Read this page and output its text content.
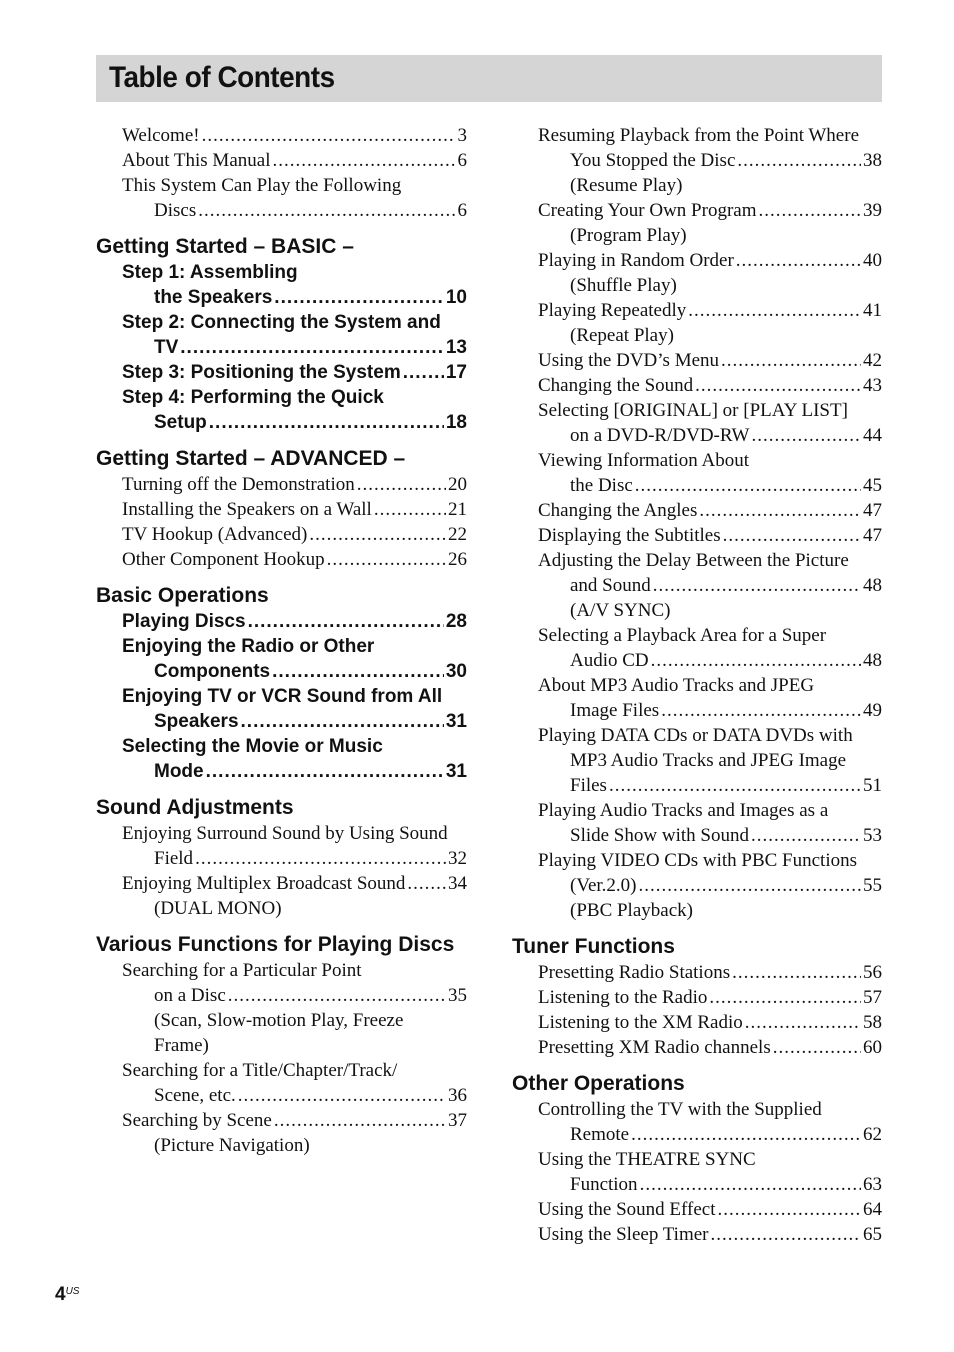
Table of Contents
Welcome! .....	3
About This Manual .....	6
This System Can Play the Following
Discs .....	6
Getting Started – BASIC –
Step 1: Assembling
the Speakers .....	10
Step 2: Connecting the System and
TV .....	13
Step 3: Positioning the System ..... 17
Step 4: Performing the Quick
Setup .....	18
Getting Started – ADVANCED –
Turning off the Demonstration .....	20
Installing the Speakers on a Wall .....	21
TV Hookup (Advanced) .....	22
Other Component Hookup .....	26
Basic Operations
Playing Discs .....	28
Enjoying the Radio or Other
Components .....	30
Enjoying TV or VCR Sound from All
Speakers .....	31
Selecting the Movie or Music
Mode .....	31
Sound Adjustments
Enjoying Surround Sound by Using Sound
Field .....	32
Enjoying Multiplex Broadcast Sound ..... 34
(DUAL MONO)
Various Functions for Playing Discs
Searching for a Particular Point
on a Disc .....	35
(Scan, Slow-motion Play, Freeze
Frame)
Searching for a Title/Chapter/Track/
Scene, etc. .....	36
Searching by Scene .....	37
(Picture Navigation)
Resuming Playback from the Point Where
You Stopped the Disc .....	38
(Resume Play)
Creating Your Own Program .....	39
(Program Play)
Playing in Random Order .....	40
(Shuffle Play)
Playing Repeatedly .....	41
(Repeat Play)
Using the DVD’s Menu .....	42
Changing the Sound .....	43
Selecting [ORIGINAL] or [PLAY LIST]
on a DVD-R/DVD-RW .....	44
Viewing Information About
the Disc .....	45
Changing the Angles .....	47
Displaying the Subtitles .....	47
Adjusting the Delay Between the Picture
and Sound .....	48
(A/V SYNC)
Selecting a Playback Area for a Super
Audio CD .....	48
About MP3 Audio Tracks and JPEG
Image Files .....	49
Playing DATA CDs or DATA DVDs with
MP3 Audio Tracks and JPEG Image
Files .....	51
Playing Audio Tracks and Images as a
Slide Show with Sound .....	53
Playing VIDEO CDs with PBC Functions
(Ver.2.0) .....	55
(PBC Playback)
Tuner Functions
Presetting Radio Stations .....	56
Listening to the Radio .....	57
Listening to the XM Radio .....	58
Presetting XM Radio channels .....	60
Other Operations
Controlling the TV with the Supplied
Remote .....	62
Using the THEATRE SYNC
Function .....	63
Using the Sound Effect .....	64
Using the Sleep Timer .....	65
$4^{US}$
